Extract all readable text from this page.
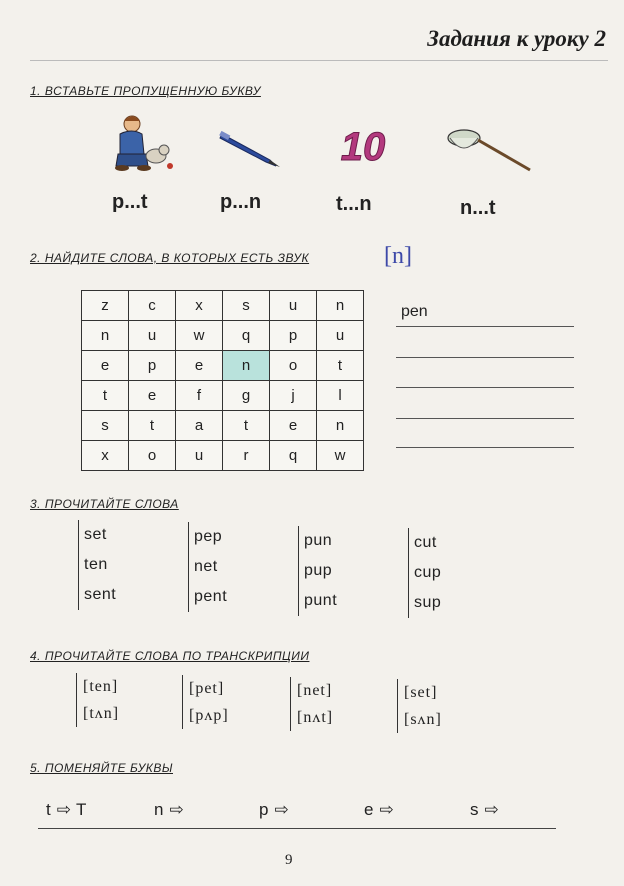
Задания к уроку 2
1. ВСТАВЬТЕ ПРОПУЩЕННУЮ БУКВУ
p...t	p...n
10
t...n	n...t
2. НАЙДИТЕ СЛОВА, В КОТОРЫХ ЕСТЬ ЗВУК	[n]
z	c	x	s	u	n
n	u	w	q	p	u
e	p	e	n	o	t
t	e	f	g	j	l
s	t	a	t	e	n
x	o	u	r	q	w
pen
3. ПРОЧИТАЙТЕ СЛОВА
set
ten
sent
pep
net
pent
pun
pup
punt
cut
cup
sup
4. ПРОЧИТАЙТЕ СЛОВА ПО ТРАНСКРИПЦИИ
[ten]
[tʌn]
[pet]
[pʌp]
[net]
[nʌt]
[set]
[sʌn]
5. ПОМЕНЯЙТЕ БУКВЫ
t ⇨ T	n ⇨	p ⇨	e ⇨	s ⇨
9
